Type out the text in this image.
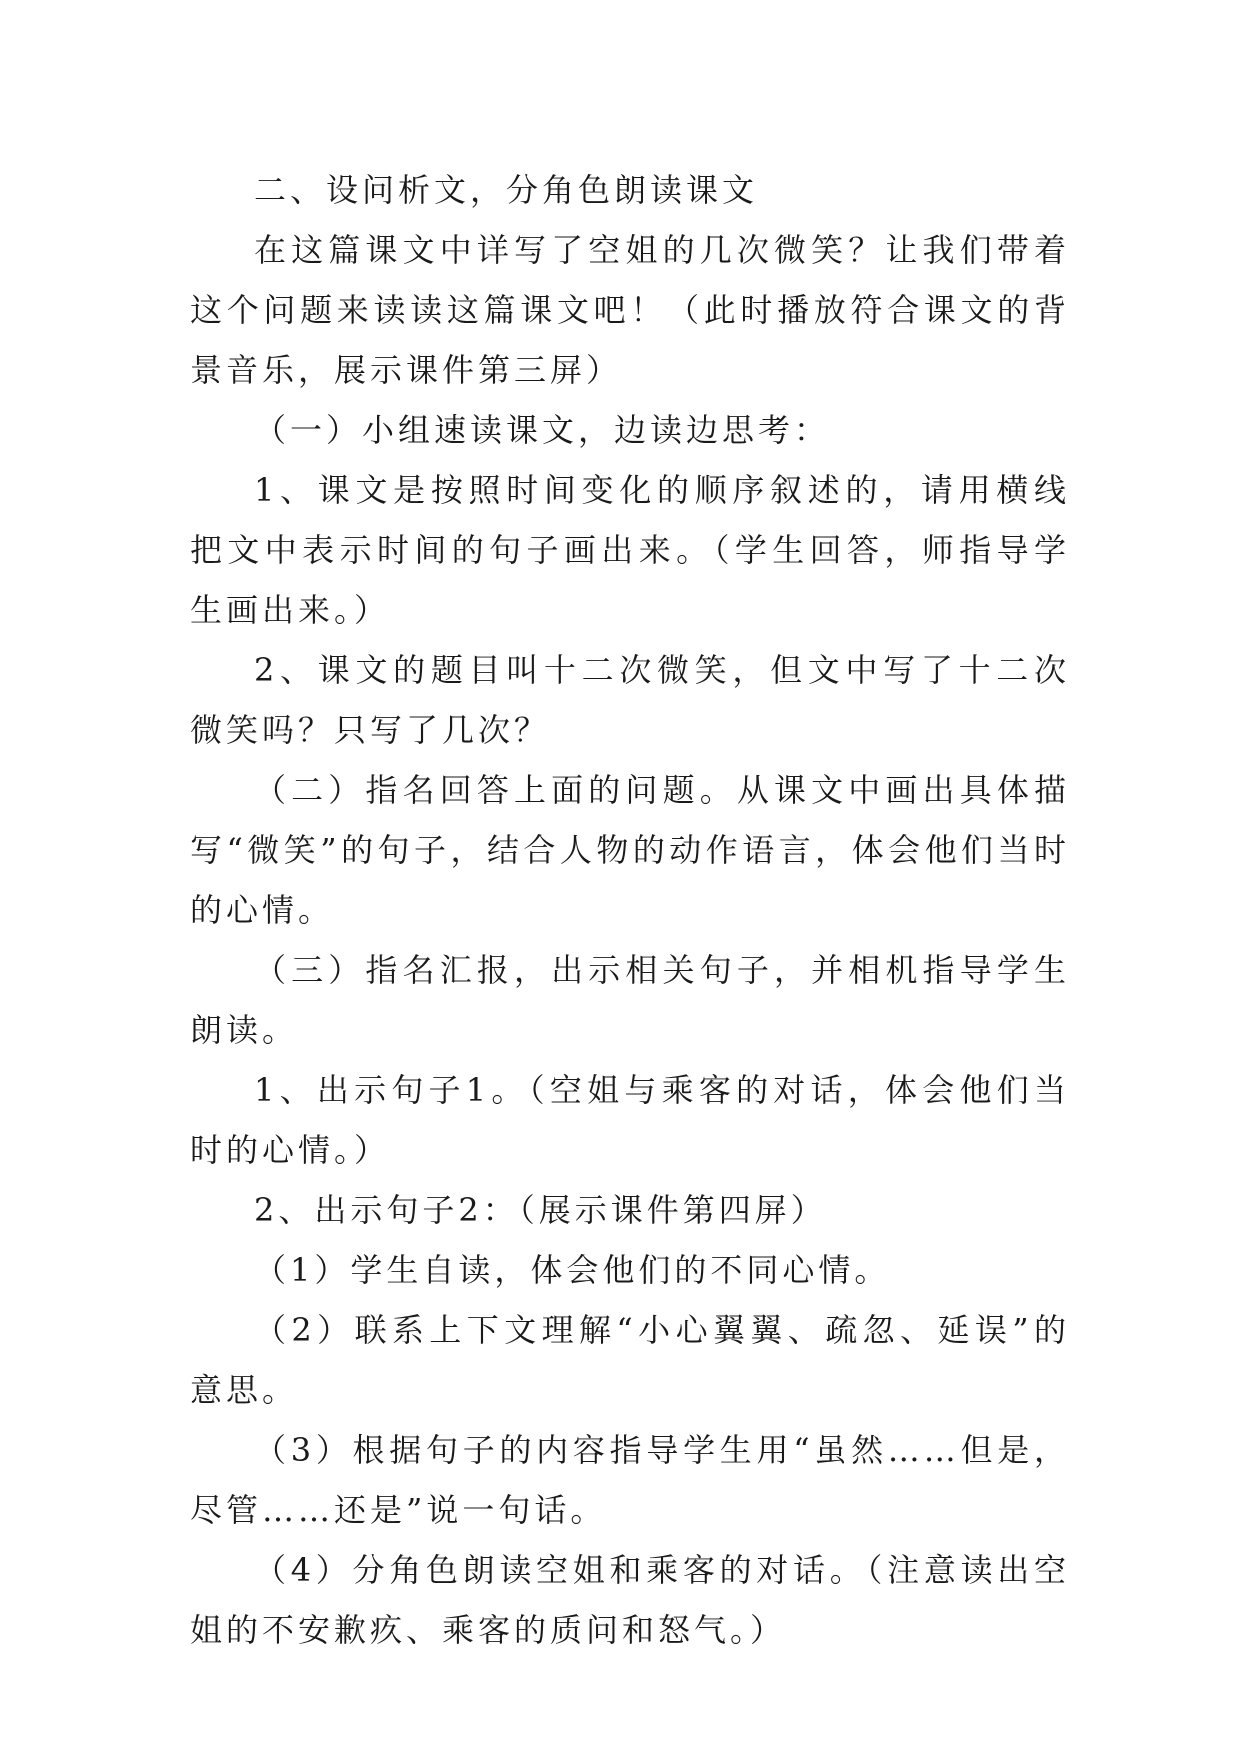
二、设问析文，分角色朗读课文

在这篇课文中详写了空姐的几次微笑？让我们带着这个问题来读读这篇课文吧！（此时播放符合课文的背景音乐，展示课件第三屏）

（一）小组速读课文，边读边思考：

1、课文是按照时间变化的顺序叙述的，请用横线把文中表示时间的句子画出来。（学生回答，师指导学生画出来。）

2、课文的题目叫十二次微笑，但文中写了十二次微笑吗？只写了几次？

（二）指名回答上面的问题。从课文中画出具体描写“微笑”的句子，结合人物的动作语言，体会他们当时的心情。

（三）指名汇报，出示相关句子，并相机指导学生朗读。

1、出示句子1。（空姐与乘客的对话，体会他们当时的心情。）

2、出示句子2：（展示课件第四屏）

（1）学生自读，体会他们的不同心情。

（2）联系上下文理解“小心翼翼、疏忽、延误”的意思。

（3）根据句子的内容指导学生用“虽然……但是，尽管……还是”说一句话。

（4）分角色朗读空姐和乘客的对话。（注意读出空姐的不安歉疚、乘客的质问和怒气。）
